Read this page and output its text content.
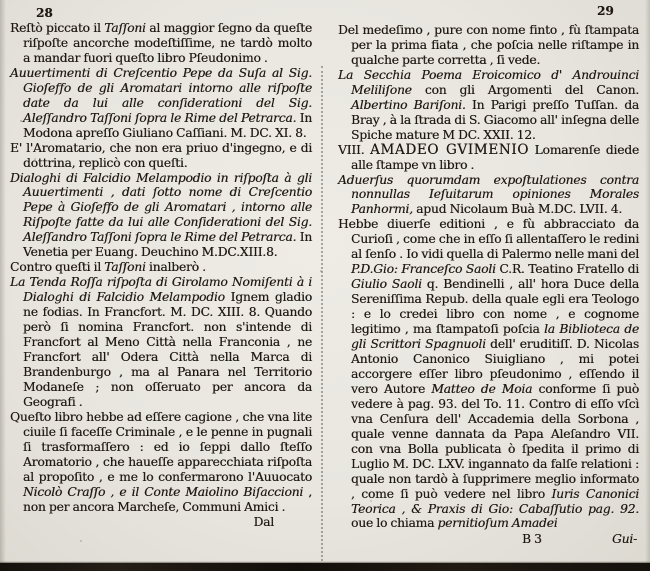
28	29

Reſtò piccato il Taſſoni al maggior ſegno da queſte riſpoſte ancorche modeſtiſſime, ne tardò molto a mandar fuori queſto libro Pſeudonimo .

Auuertimenti di Creſcentio Pepe da Suſa al Sig. Gioſeffo de gli Aromatari intorno alle riſpoſte date da lui alle conſiderationi del Sig. Aleſſandro Taſſoni ſopra le Rime del Petrarca. In Modona apreſſo Giuliano Caſſiani. M. DC. XI. 8.

E' l'Aromatario, che non era priuo d'ingegno, e di dottrina, replicò con queſti.

Dialoghi di Falcidio Melampodio in riſpoſta à gli Auuertimenti , dati ſotto nome di Creſcentio Pepe à Gioſeffo de gli Aromatari , intorno alle Riſpoſte fatte da lui alle Conſiderationi del Sig. Aleſſandro Taſſoni ſopra le Rime del Petrarca. In Venetia per Euang. Deuchino M.DC.XIII.8.

Contro queſti il Taſſoni inalberò .

La Tenda Roſſa riſpoſta di Girolamo Nomiſenti à i Dialoghi di Falcidio Melampodio Ignem gladio ne fodias. In Francfort. M. DC. XIII. 8. Quando però ſi nomina Francfort. non s'intende di Francfort al Meno Città nella Franconia , ne Francfort all' Odera Città nella Marca di Brandenburgo , ma al Panara nel Territorio Modaneſe ; non oſſeruato per ancora da Geografi .

Queſto libro hebbe ad eſſere cagione , che vna lite ciuile ſi faceſſe Criminale , e le penne in pugnali ſi trasformaſſero : ed io ſeppi dallo ſteſſo Aromatorio , che haueſſe apparecchiata riſpoſta al propoſito , e me lo confermarono l'Auuocato Nicolò Craſſo , e il Conte Maiolino Biſaccioni , non per ancora Marcheſe, Communi Amici .

Dal

Del medeſimo , pure con nome finto , fù ſtampata per la prima fiata , che poſcia nelle riſtampe in qualche parte corretta , ſi vede.

La Secchia Poema Eroicomico d' Androuinci Meliliſone con gli Argomenti del Canon. Albertino Bariſoni. In Parigi preſſo Tuſſan. da Bray , à la ſtrada di S. Giacomo all' inſegna delle Spiche mature M DC. XXII. 12.

VIII. AMADEO GVIMENIO Lomarenſe diede alle ſtampe vn libro .

Aduerſus quorumdam expoſtulationes contra nonnullas Ieſuitarum opiniones Morales Panhormi, apud Nicolaum Buà M.DC. LVII. 4.

Hebbe diuerſe editioni , e fù abbracciato da Curioſi , come che in eſſo ſi allentaſſero le redini al ſenſo . Io vidi quella di Palermo nelle mani del P.D.Gio: Franceſco Saoli C.R. Teatino Fratello di Giulio Saoli q. Bendinelli , all' hora Duce della Sereniſſima Repub. della quale egli era Teologo : e lo credei libro con nome , e cognome legitimo , ma ſtampatoſi poſcia la Biblioteca de gli Scrittori Spagnuoli dell' eruditiſſ. D. Nicolas Antonio Canonico Siuigliano , mi potei accorgere eſſer libro pſeudonimo , eſſendo il vero Autore Matteo de Moia conforme ſi può vedere à pag. 93. del To. 11. Contro di eſſo vſcì vna Cenſura dell' Accademia della Sorbona , quale venne dannata da Papa Aleſandro VII. con vna Bolla publicata ò ſpedita il primo di Luglio M. DC. LXV. ingannato da falſe relationi : quale non tardò à ſupprimere meglio informato , come ſi può vedere nel libro Iuris Canonici Teorica , & Praxis di Gio: Cabaſſutio pag. 92. oue lo chiama pernitioſum Amadei

B 3	Gui-
